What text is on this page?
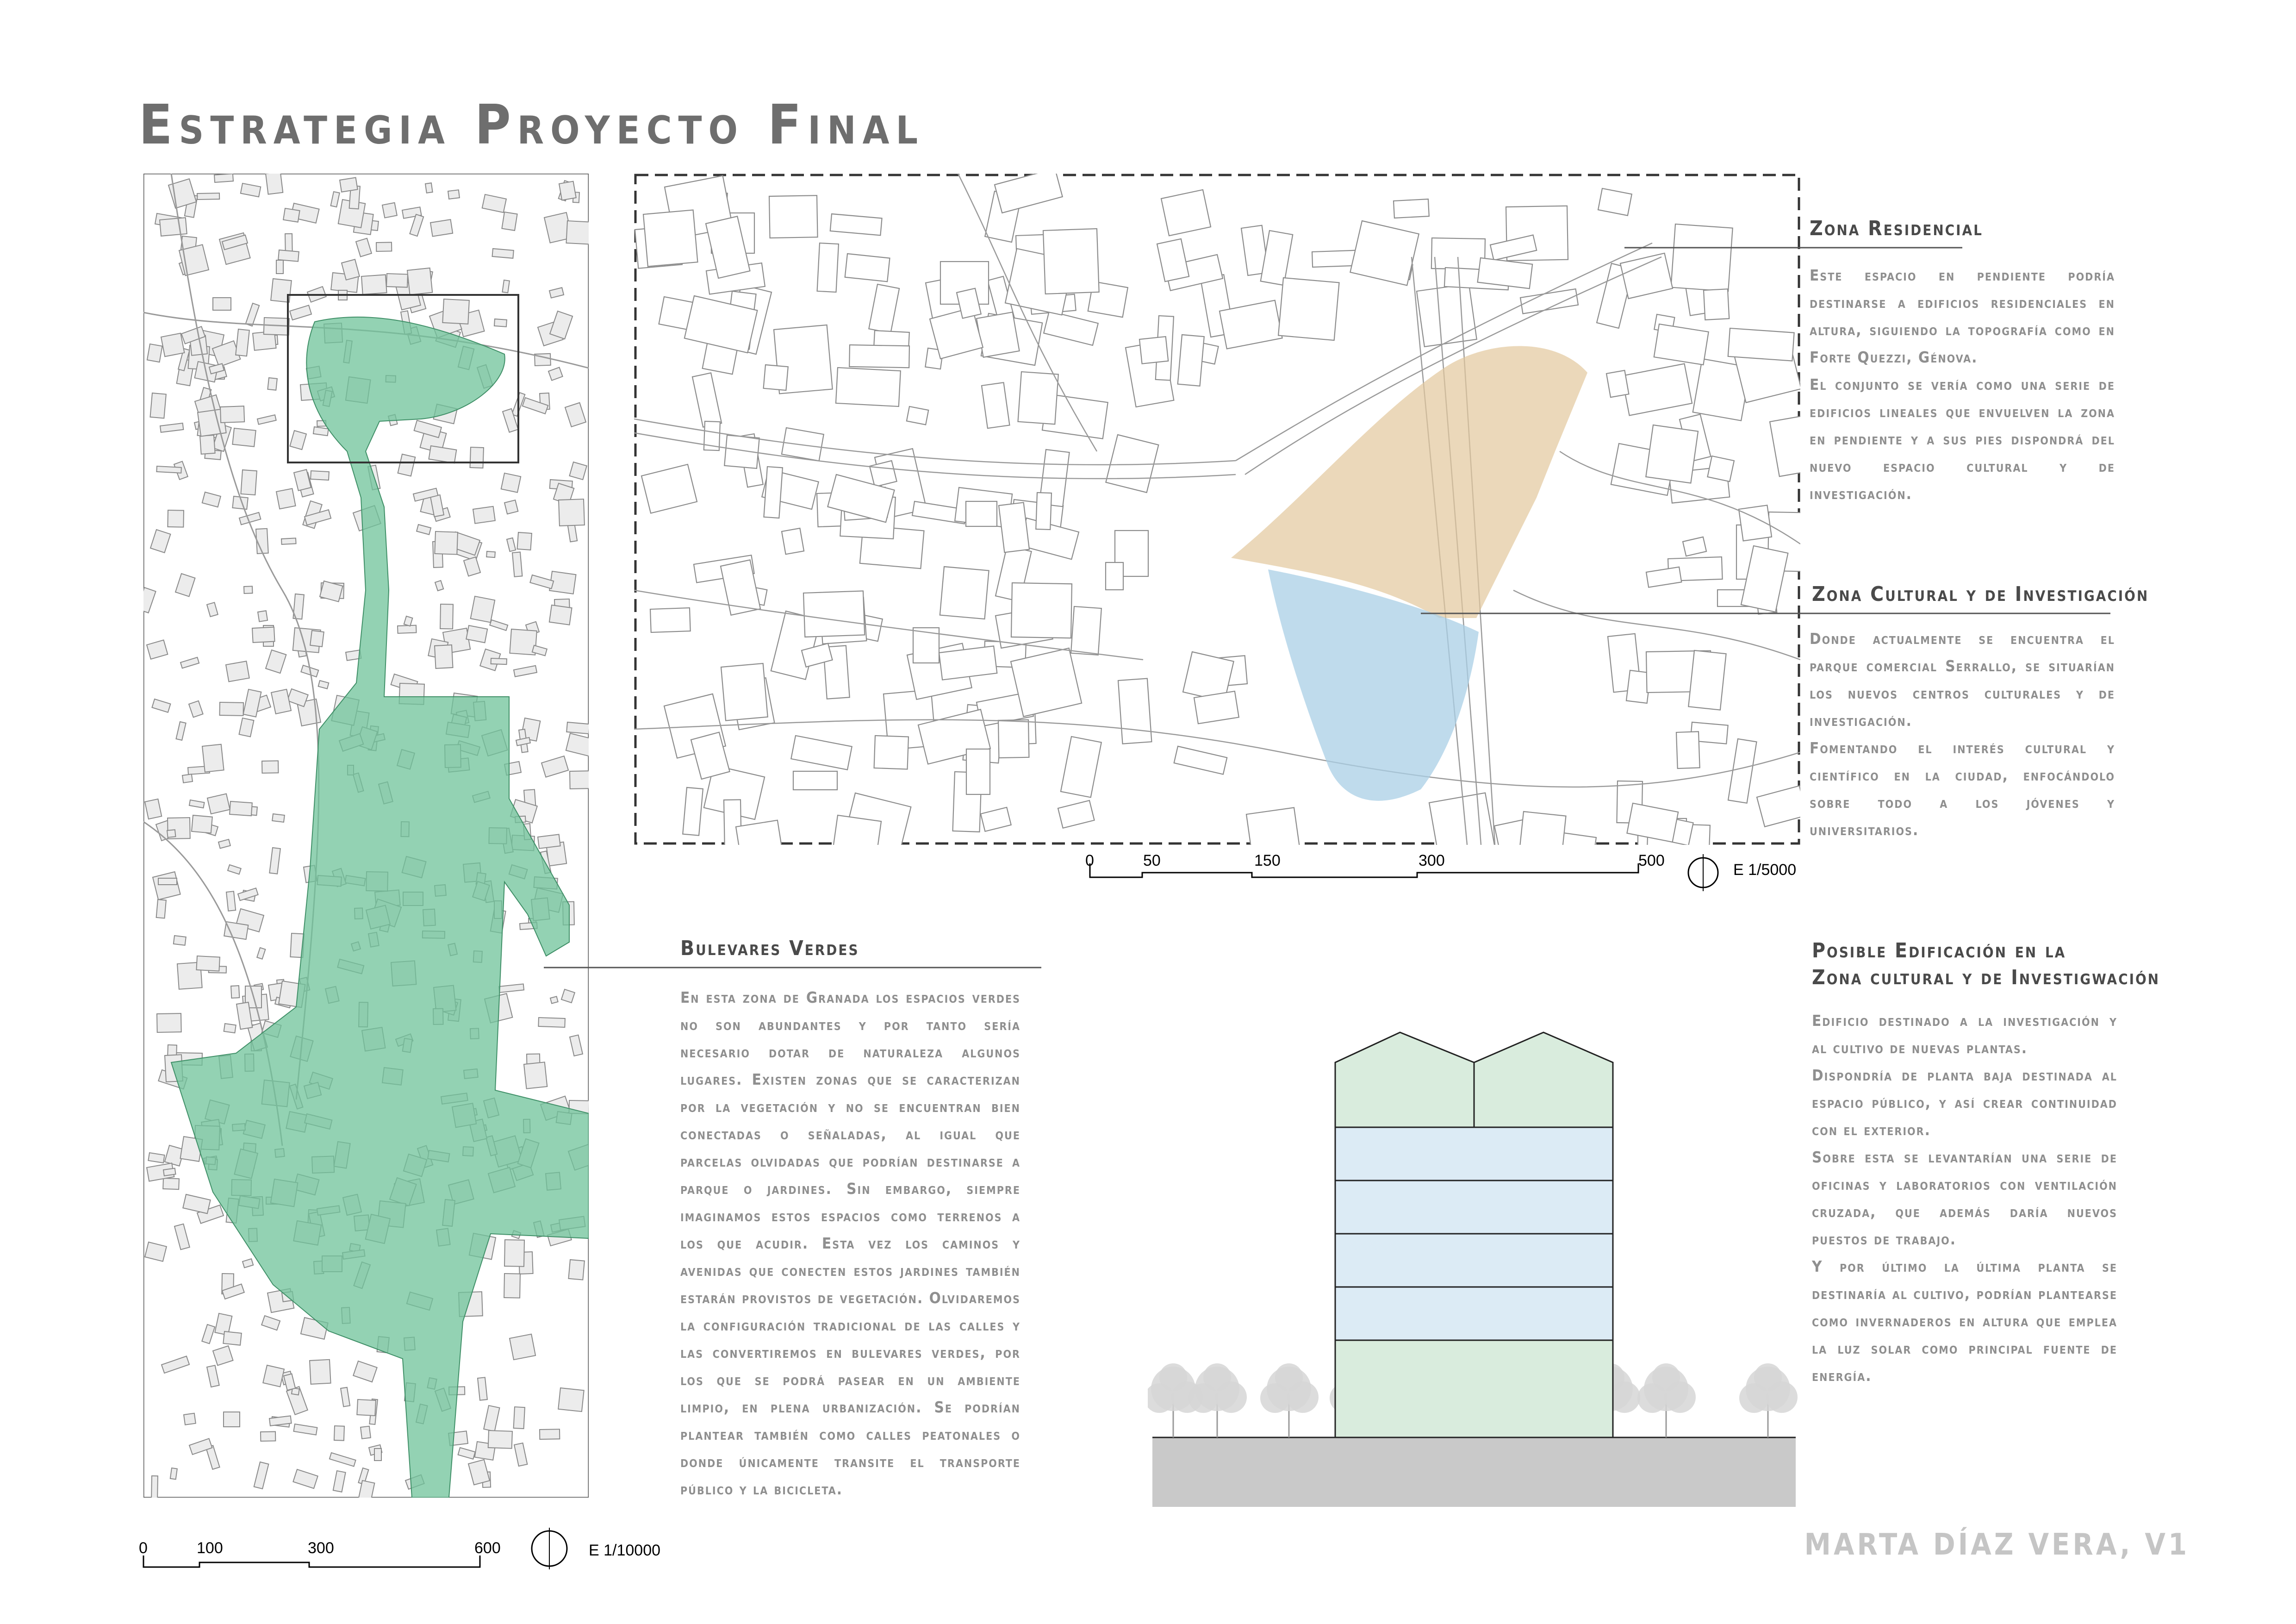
Estrategia Proyecto Final
0	100	300	600	E 1/10000
0	50	150	300	500
E 1/5000
Zona Residencial

Este espacio en pendiente podría destinarse a edificios residenciales en altura, siguiendo la topografía como en Forte Quezzi, Génova.

El conjunto se vería como una serie de edificios lineales que envuelven la zona en pendiente y a sus pies dispondrá del nuevo espacio cultural y de investigación.

Zona Cultural y de Investigación

Donde actualmente se encuentra el parque comercial Serrallo, se situarían los nuevos centros culturales y de investigación.

Fomentando el interés cultural y científico en la ciudad, enfocándolo sobre todo a los jóvenes y universitarios.

Bulevares Verdes

En esta zona de Granada los espacios verdes no son abundantes y por tanto sería necesario dotar de naturaleza algunos lugares. Existen zonas que se caracterizan por la vegetación y no se encuentran bien conectadas o señaladas, al igual que parcelas olvidadas que podrían destinarse a parque o jardines. Sin embargo, siempre imaginamos estos espacios como terrenos a los que acudir. Esta vez los caminos y avenidas que conecten estos jardines también estarán provistos de vegetación. Olvidaremos la configuración tradicional de las calles y las convertiremos en bulevares verdes, por los que se podrá pasear en un ambiente limpio, en plena urbanización. Se podrían plantear también como calles peatonales o donde únicamente transite el transporte público y la bicicleta.

Posible Edificación en la
Zona cultural y de Investigwación

Edificio destinado a la investigación y al cultivo de nuevas plantas.

Dispondría de planta baja destinada al espacio público, y así crear continuidad con el exterior.

Sobre esta se levantarían una serie de oficinas y laboratorios con ventilación cruzada, que además daría nuevos puestos de trabajo.

Y por último la última planta se destinaría al cultivo, podrían plantearse como invernaderos en altura que emplea la luz solar como principal fuente de energía.

MARTA DÍAZ VERA, V1
